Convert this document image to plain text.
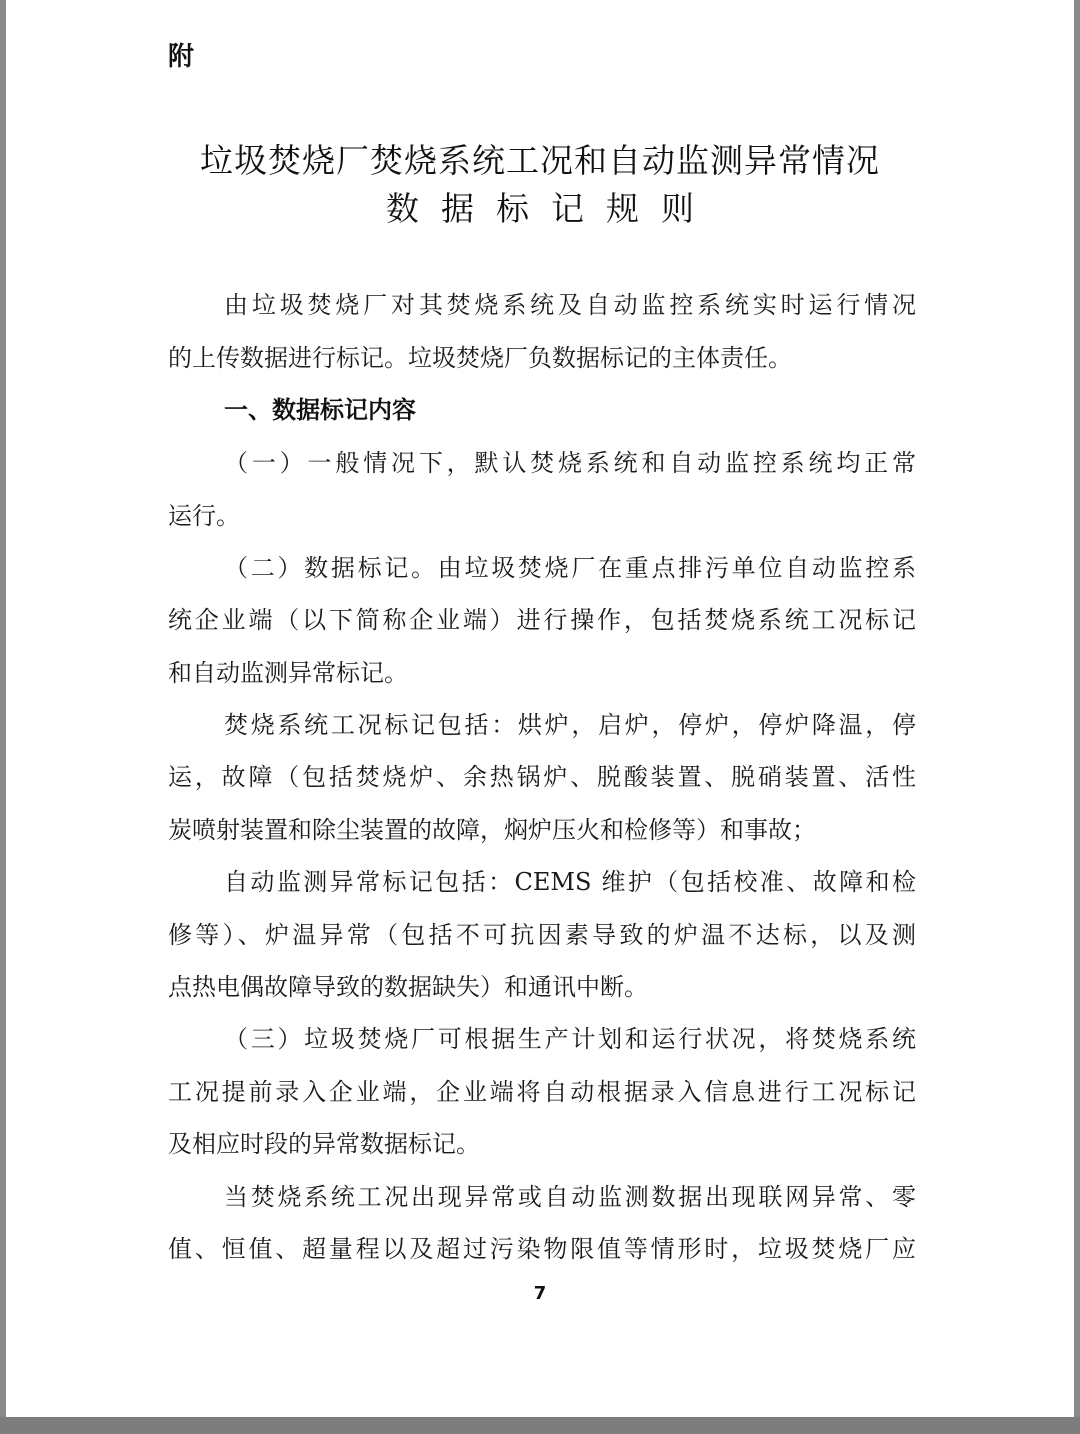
附
垃圾焚烧厂焚烧系统工况和自动监测异常情况
数据标记规则
由垃圾焚烧厂对其焚烧系统及自动监控系统实时运行情况
的上传数据进行标记。垃圾焚烧厂负数据标记的主体责任。
一、数据标记内容
（一）一般情况下，默认焚烧系统和自动监控系统均正常
运行。
（二）数据标记。由垃圾焚烧厂在重点排污单位自动监控系
统企业端（以下简称企业端）进行操作，包括焚烧系统工况标记
和自动监测异常标记。
焚烧系统工况标记包括：烘炉，启炉，停炉，停炉降温，停
运，故障（包括焚烧炉、余热锅炉、脱酸装置、脱硝装置、活性
炭喷射装置和除尘装置的故障，焖炉压火和检修等）和事故；
自动监测异常标记包括：CEMS 维护（包括校准、故障和检
修等）、炉温异常（包括不可抗因素导致的炉温不达标，以及测
点热电偶故障导致的数据缺失）和通讯中断。
（三）垃圾焚烧厂可根据生产计划和运行状况，将焚烧系统
工况提前录入企业端，企业端将自动根据录入信息进行工况标记
及相应时段的异常数据标记。
当焚烧系统工况出现异常或自动监测数据出现联网异常、零
值、恒值、超量程以及超过污染物限值等情形时，垃圾焚烧厂应
7
